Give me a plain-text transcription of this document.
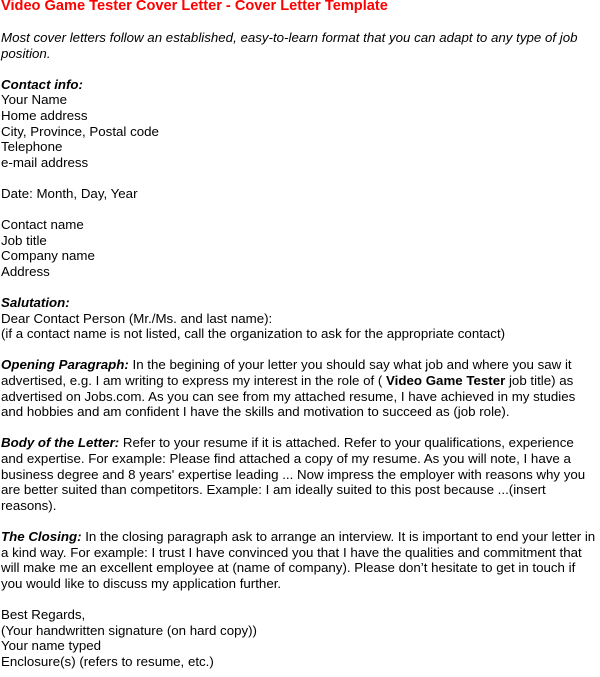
Video Game Tester Cover Letter - Cover Letter Template

Most cover letters follow an established, easy-to-learn format that you can adapt to any type of job position.

Contact info:
Your Name
Home address
City, Province, Postal code
Telephone
e-mail address
Date: Month, Day, Year
Contact name
Job title
Company name
Address
Salutation:
Dear Contact Person (Mr./Ms. and last name):
(if a contact name is not listed, call the organization to ask for the appropriate contact)

Opening Paragraph: In the begining of your letter you should say what job and where you saw it advertised, e.g. I am writing to express my interest in the role of ( Video Game Tester job title) as advertised on Jobs.com. As you can see from my attached resume, I have achieved in my studies and hobbies and am confident I have the skills and motivation to succeed as (job role).

Body of the Letter: Refer to your resume if it is attached. Refer to your qualifications, experience and expertise. For example: Please find attached a copy of my resume. As you will note, I have a business degree and 8 years' expertise leading ... Now impress the employer with reasons why you are better suited than competitors. Example: I am ideally suited to this post because ...(insert reasons).

The Closing: In the closing paragraph ask to arrange an interview. It is important to end your letter in a kind way. For example: I trust I have convinced you that I have the qualities and commitment that will make me an excellent employee at (name of company). Please don’t hesitate to get in touch if you would like to discuss my application further.

Best Regards,
(Your handwritten signature (on hard copy))
Your name typed
Enclosure(s) (refers to resume, etc.)
